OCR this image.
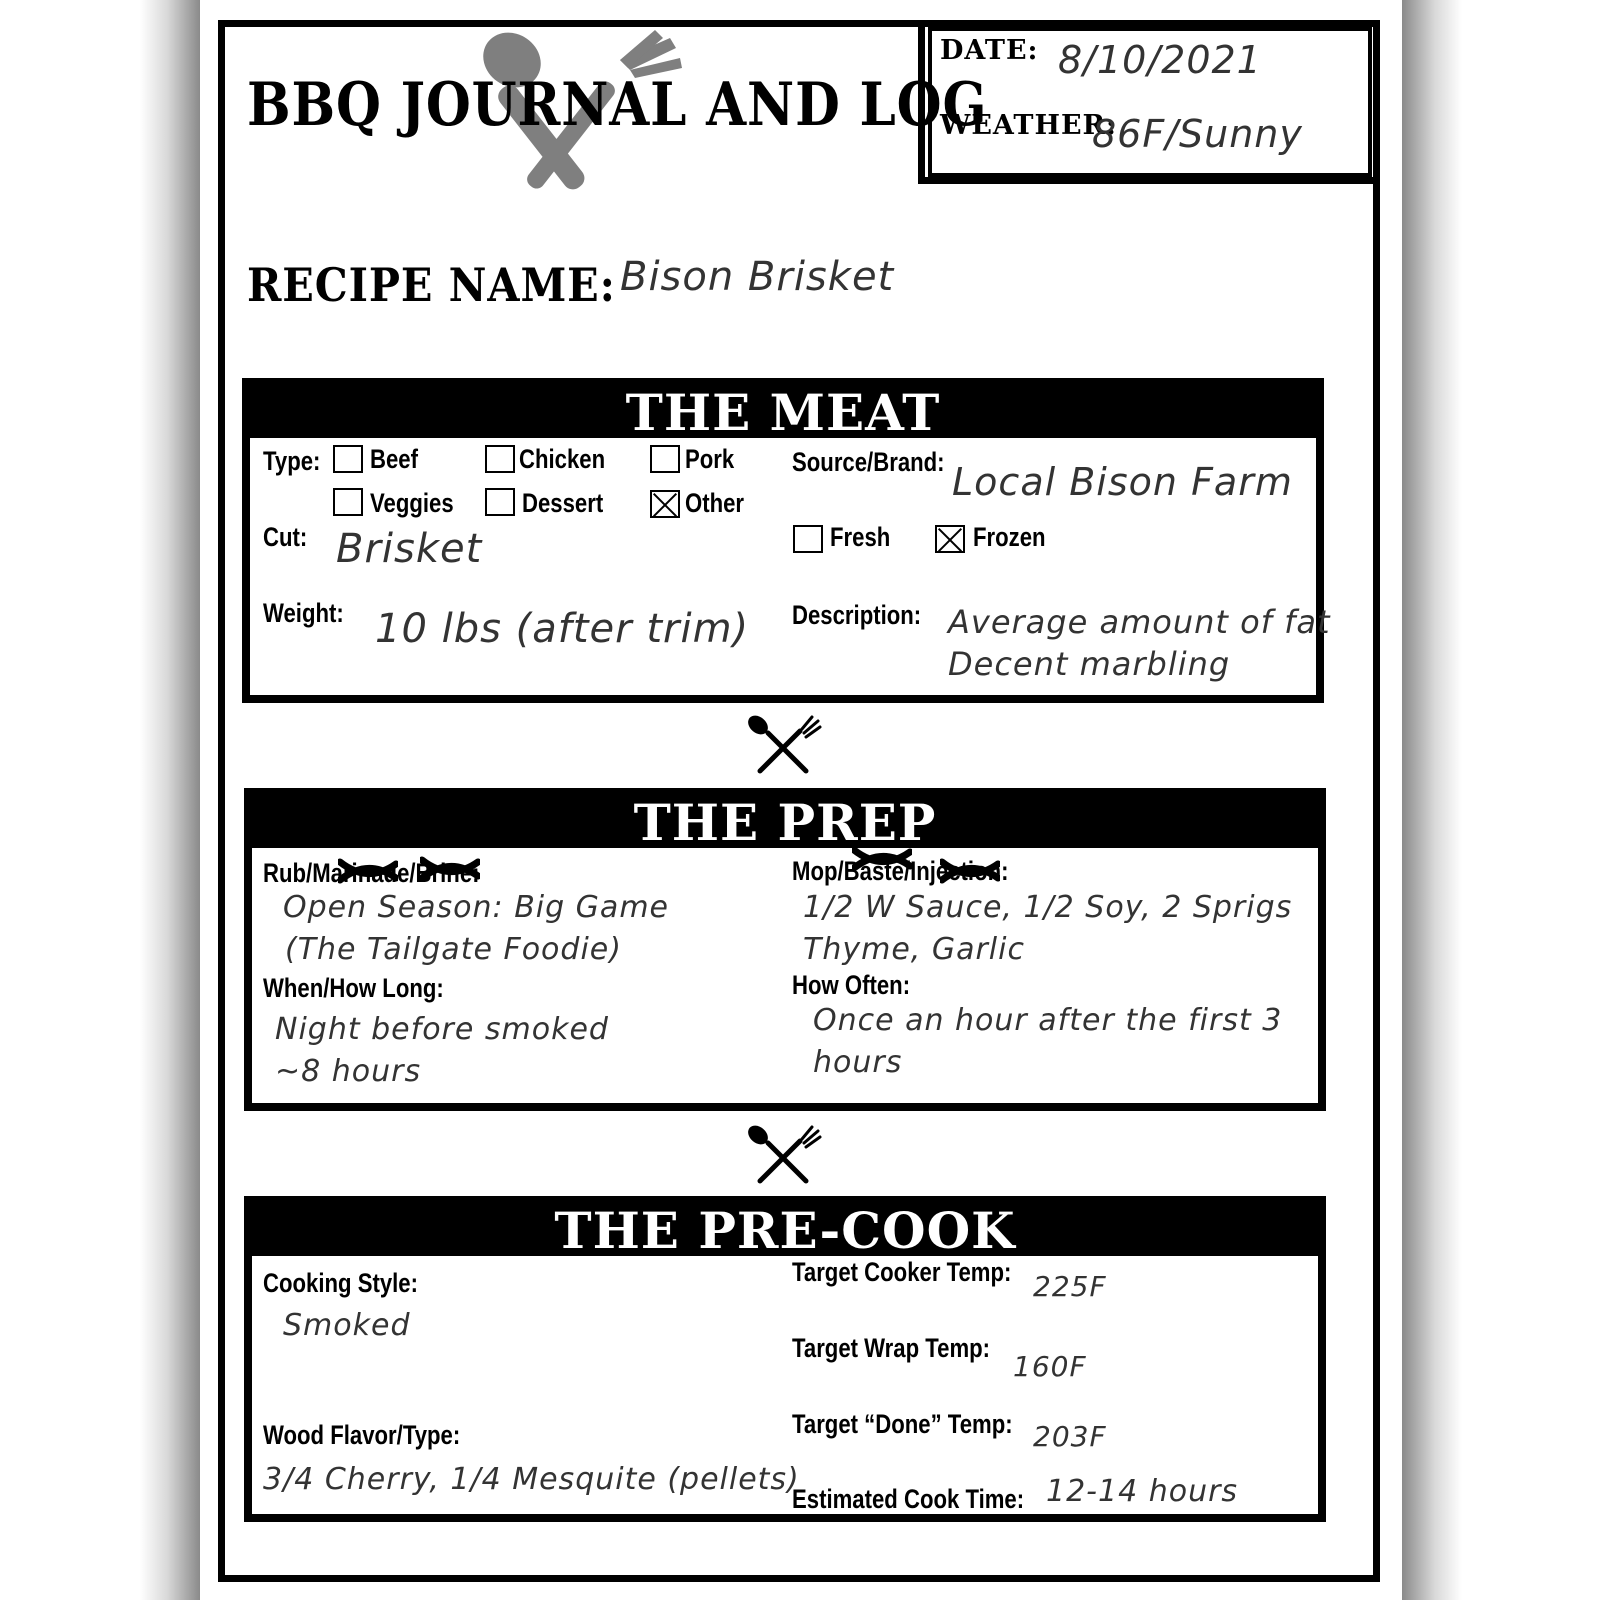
BBQ JOURNAL AND LOG
DATE: 8/10/2021
WEATHER:
86F/Sunny
RECIPE NAME: Bison Brisket
THE MEAT
Type: Beef	Chicken	Pork
Veggies	Dessert	Other
Source/Brand: Local Bison Farm
Cut: Brisket	Fresh	Frozen
Weight: 10 lbs (after trim) Description: Average amount of fat
Decent marbling
THE PREP
Rub/Marinade/Brine:
Open Season: Big Game
(The Tailgate Foodie)
When/How Long:
Night before smoked
~8 hours
Mop/Baste/Injection:
1/2 W Sauce, 1/2 Soy, 2 Sprigs
Thyme, Garlic
How Often:
Once an hour after the first 3
hours
THE PRE-COOK
Cooking Style:
Smoked
Wood Flavor/Type:
3/4 Cherry, 1/4 Mesquite (pellets)
Target Cooker Temp: 225F
Target Wrap Temp:
160F
Target “Done” Temp: 203F
Estimated Cook Time: 12-14 hours
